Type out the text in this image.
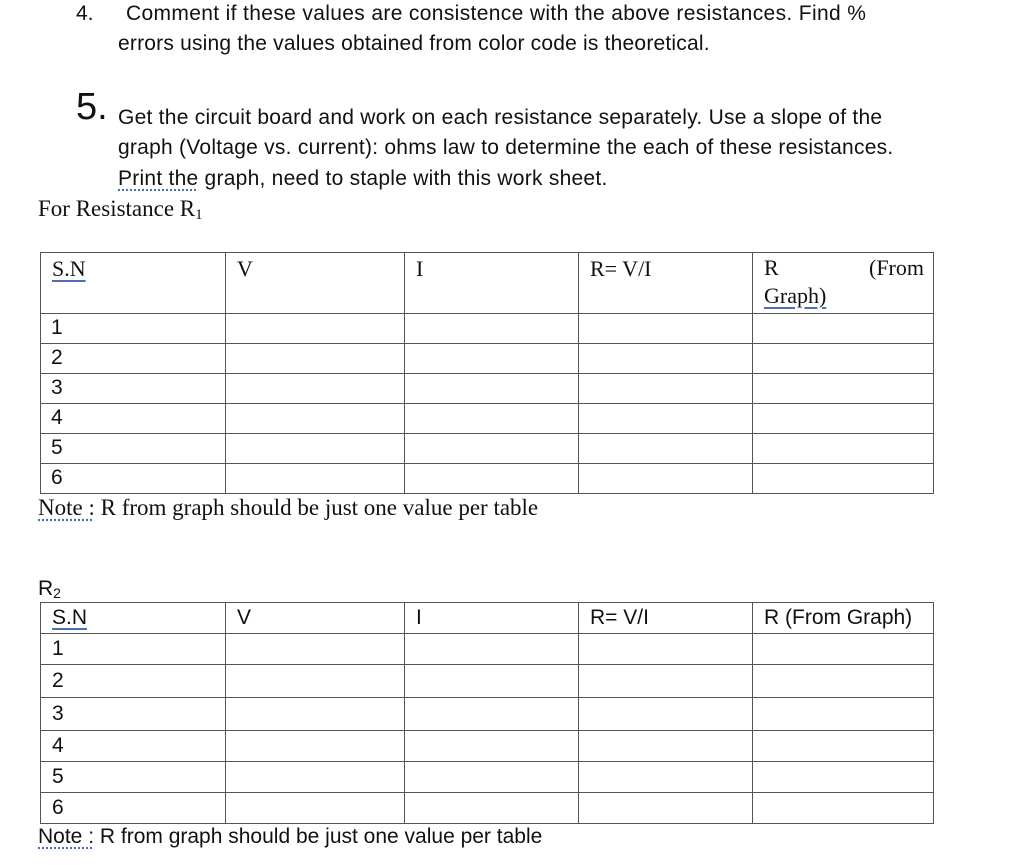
4. Comment if these values are consistence with the above resistances. Find %
errors using the values obtained from color code is theoretical.
5. Get the circuit board and work on each resistance separately. Use a slope of the
graph (Voltage vs. current): ohms law to determine the each of these resistances.
Print the graph, need to staple with this work sheet.
For Resistance $R_1$
S.N	V	I	R= V/I	R (From
Graph)

1				
2				
3				
4				
5				
6				
Note : R from graph should be just one value per table
$R_2$
S.N	V	I	R= V/I	R (From Graph)
1				
2				
3				
4				
5				
6				
Note : R from graph should be just one value per table
